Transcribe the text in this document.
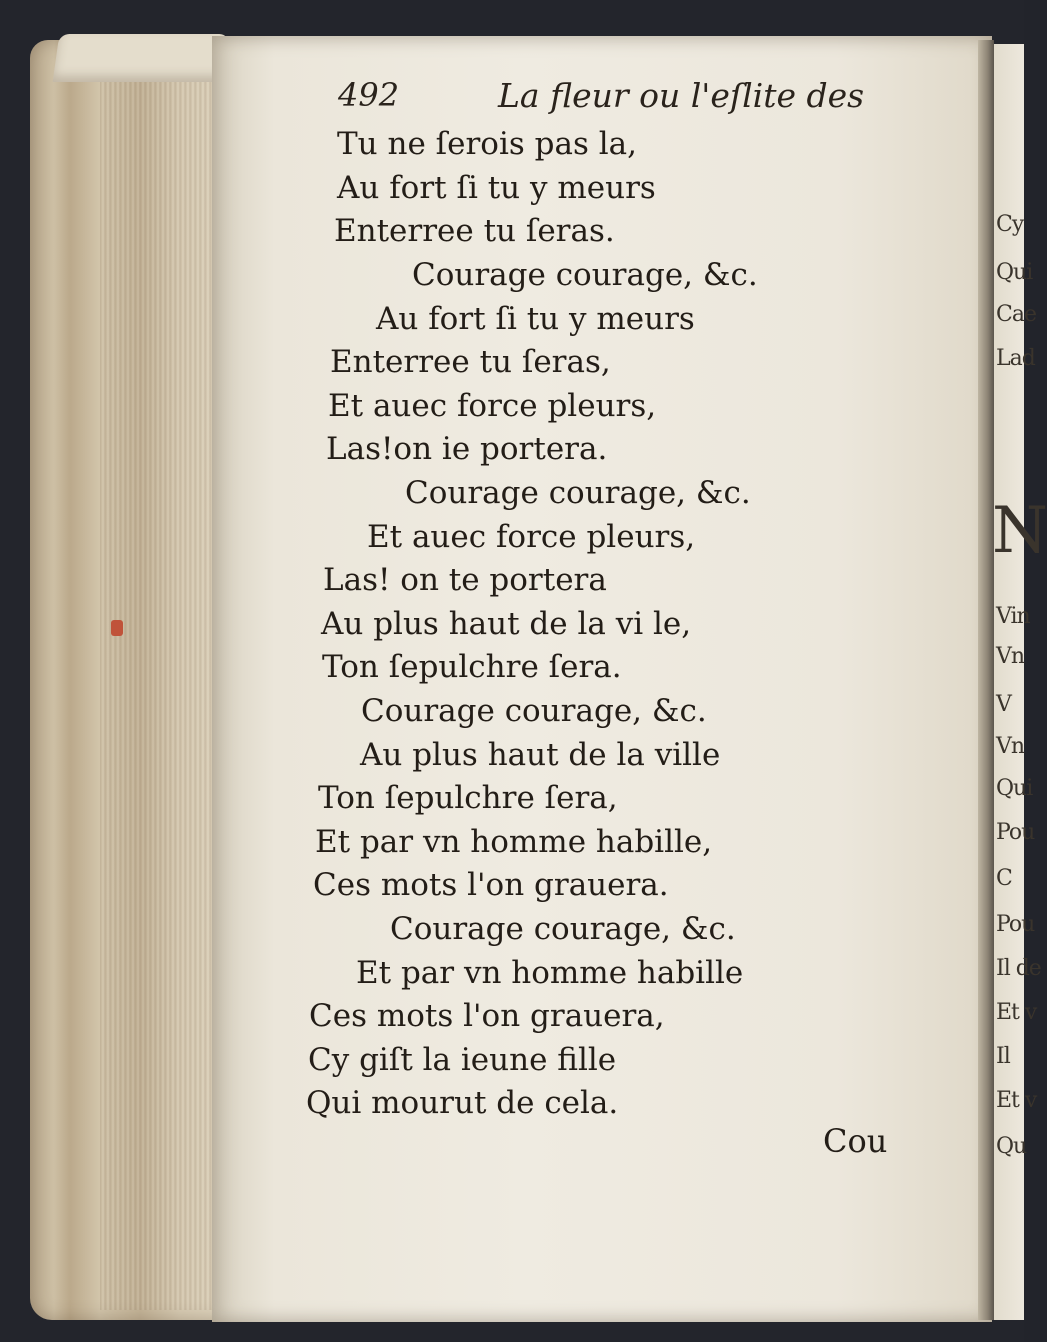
Cy
Qui
Cae
Lad
N
Vin
Vn
V
Vn
Qui
Pou
C
Pou
Il de
Et v
Il
Et v
Qu
492	La fleur ou l'eſlite des
Tu ne ſerois pas la,
Au fort ſi tu y meurs
Enterree tu ſeras.
Courage courage, &c.
Au fort ſi tu y meurs
Enterree tu ſeras,
Et auec force pleurs,
Las!on ie portera.
Courage courage, &c.
Et auec force pleurs,
Las! on te portera
Au plus haut de la vi le,
Ton ſepulchre ſera.
Courage courage, &c.
Au plus haut de la ville
Ton ſepulchre ſera,
Et par vn homme habille,
Ces mots l'on grauera.
Courage courage, &c.
Et par vn homme habille
Ces mots l'on grauera,
Cy giſt la ieune fille
Qui mourut de cela.
Cou
